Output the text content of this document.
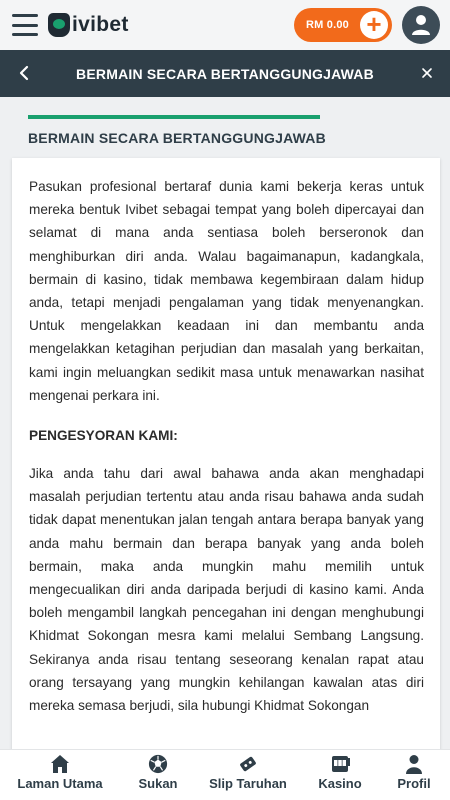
ivibet	RM 0.00 +
BERMAIN SECARA BERTANGGUNGJAWAB
BERMAIN SECARA BERTANGGUNGJAWAB

Pasukan profesional bertaraf dunia kami bekerja keras untuk mereka bentuk Ivibet sebagai tempat yang boleh dipercayai dan selamat di mana anda sentiasa boleh berseronok dan menghiburkan diri anda. Walau bagaimanapun, kadangkala, bermain di kasino, tidak membawa kegembiraan dalam hidup anda, tetapi menjadi pengalaman yang tidak menyenangkan. Untuk mengelakkan keadaan ini dan membantu anda mengelakkan ketagihan perjudian dan masalah yang berkaitan, kami ingin meluangkan sedikit masa untuk menawarkan nasihat mengenai perkara ini.

PENGESYORAN KAMI:

Jika anda tahu dari awal bahawa anda akan menghadapi masalah perjudian tertentu atau anda risau bahawa anda sudah tidak dapat menentukan jalan tengah antara berapa banyak yang anda mahu bermain dan berapa banyak yang anda boleh bermain, maka anda mungkin mahu memilih untuk mengecualikan diri anda daripada berjudi di kasino kami. Anda boleh mengambil langkah pencegahan ini dengan menghubungi Khidmat Sokongan mesra kami melalui Sembang Langsung. Sekiranya anda risau tentang seseorang kenalan rapat atau orang tersayang yang mungkin kehilangan kawalan atas diri mereka semasa berjudi, sila hubungi Khidmat Sokongan

Laman Utama	Sukan Slip Taruhan Kasino	Profil
